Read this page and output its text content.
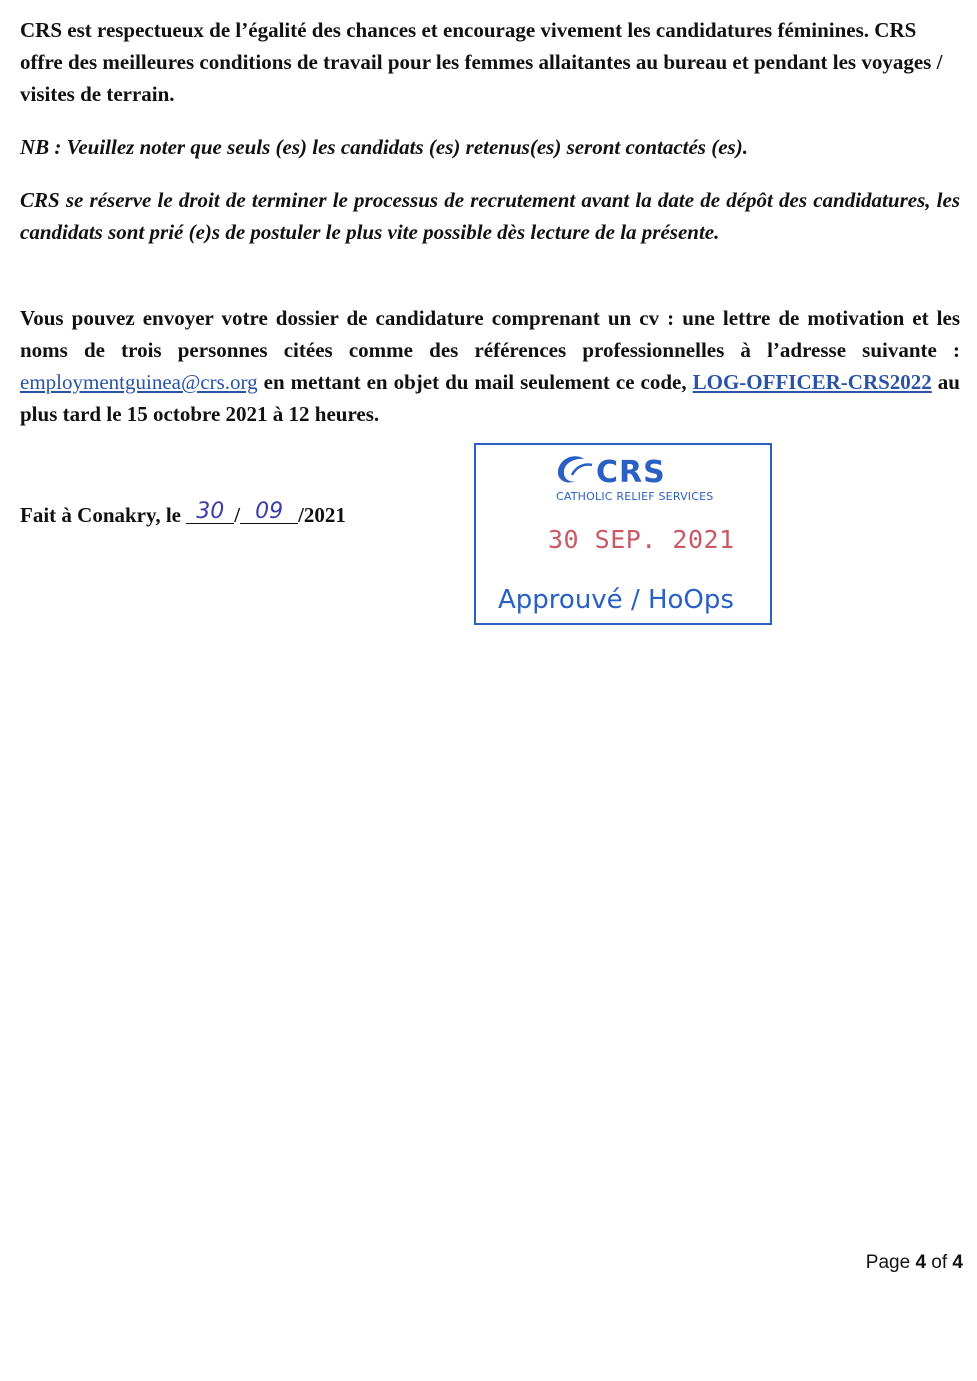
CRS est respectueux de l’égalité des chances et encourage vivement les candidatures féminines. CRS offre des meilleures conditions de travail pour les femmes allaitantes au bureau et pendant les voyages / visites de terrain.

NB : Veuillez noter que seuls (es) les candidats (es) retenus(es) seront contactés (es).

CRS se réserve le droit de terminer le processus de recrutement avant la date de dépôt des candidatures, les candidats sont prié (e)s de postuler le plus vite possible dès lecture de la présente.

Vous pouvez envoyer votre dossier de candidature comprenant un cv : une lettre de motivation et les noms de trois personnes citées comme des références professionnelles à l’adresse suivante : employmentguinea@crs.org en mettant en objet du mail seulement ce code, LOG-OFFICER-CRS2022 au plus tard le 15 octobre 2021 à 12 heures.

Fait à Conakry, le 30 / 09 /2021
CRS
CATHOLIC RELIEF SERVICES
30 SEP. 2021
Approuvé / HoOps
Page 4 of 4
